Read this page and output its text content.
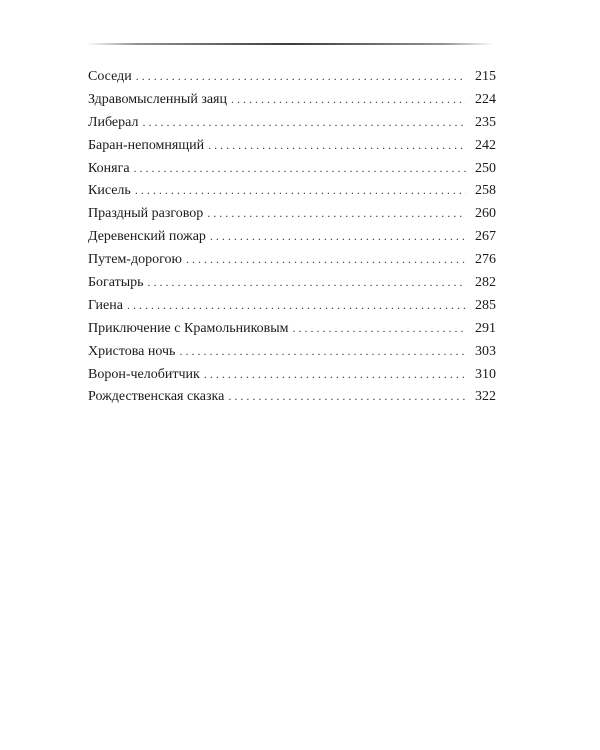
Соседи . . .	215
Здравомысленный заяц . . .	224
Либерал . . .	235
Баран-непомнящий . . .	242
Коняга . . .	250
Кисель . . .	258
Праздный разговор . . .	260
Деревенский пожар . . .	267
Путем-дорогою . . .	276
Богатырь . . .	282
Гиена . . .	285
Приключение с Крамольниковым . . .	291
Христова ночь . . .	303
Ворон-челобитчик . . .	310
Рождественская сказка . . .	322
